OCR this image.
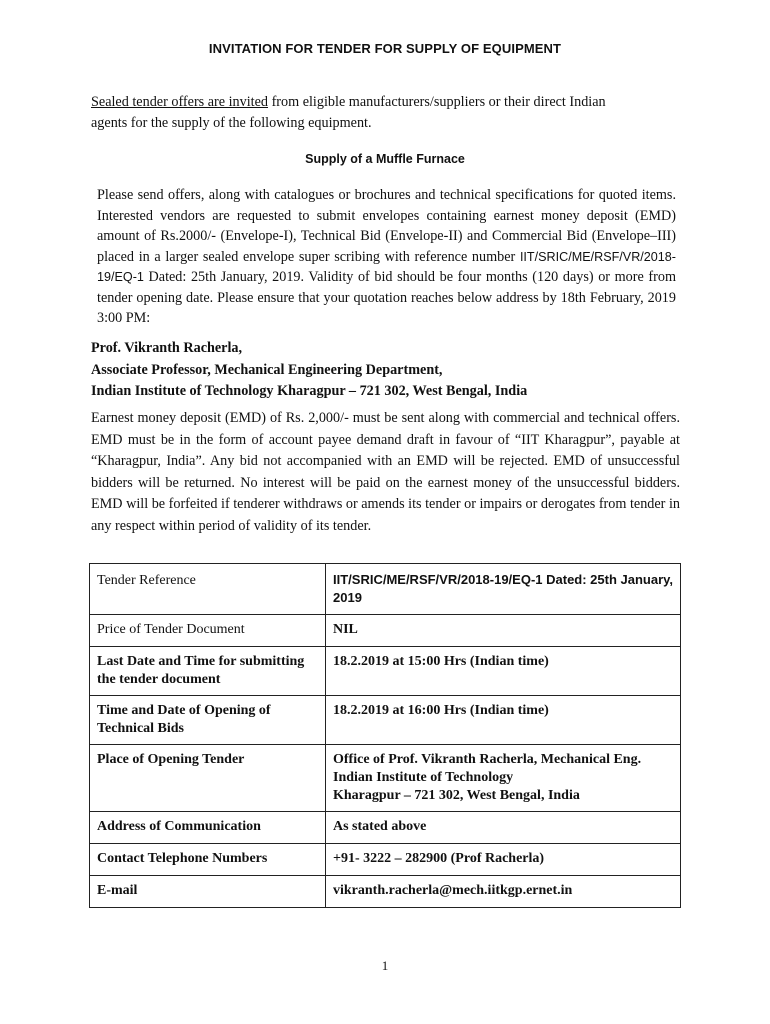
INVITATION FOR TENDER FOR SUPPLY OF EQUIPMENT
Sealed tender offers are invited from eligible manufacturers/suppliers or their direct Indian
agents for the supply of the following equipment.
Supply of a Muffle Furnace
Please send offers, along with catalogues or brochures and technical specifications for quoted items. Interested vendors are requested to submit envelopes containing earnest money deposit (EMD) amount of Rs.2000/- (Envelope-I), Technical Bid (Envelope-II) and Commercial Bid (Envelope–III) placed in a larger sealed envelope super scribing with reference number IIT/SRIC/ME/RSF/VR/2018-19/EQ-1 Dated: 25th January, 2019. Validity of bid should be four months (120 days) or more from tender opening date. Please ensure that your quotation reaches below address by 18th February, 2019 3:00 PM:
Prof. Vikranth Racherla,
Associate Professor, Mechanical Engineering Department,
Indian Institute of Technology Kharagpur – 721 302, West Bengal, India
Earnest money deposit (EMD) of Rs. 2,000/- must be sent along with commercial and technical offers. EMD must be in the form of account payee demand draft in favour of “IIT Kharagpur”, payable at “Kharagpur, India”. Any bid not accompanied with an EMD will be rejected. EMD of unsuccessful bidders will be returned. No interest will be paid on the earnest money of the unsuccessful bidders. EMD will be forfeited if tenderer withdraws or amends its tender or impairs or derogates from tender in any respect within period of validity of its tender.
Tender Reference	IIT/SRIC/ME/RSF/VR/2018-19/EQ-1 Dated: 25th January, 2019
Price of Tender Document	NIL
Last Date and Time for submitting the tender document	18.2.2019 at 15:00 Hrs (Indian time)
Time and Date of Opening of Technical Bids	18.2.2019 at 16:00 Hrs (Indian time)
Place of Opening Tender	Office of Prof. Vikranth Racherla, Mechanical Eng.
Indian Institute of Technology
Kharagpur – 721 302, West Bengal, India

Address of Communication	As stated above
Contact Telephone Numbers	+91- 3222 – 282900 (Prof Racherla)
E-mail	vikranth.racherla@mech.iitkgp.ernet.in
1
